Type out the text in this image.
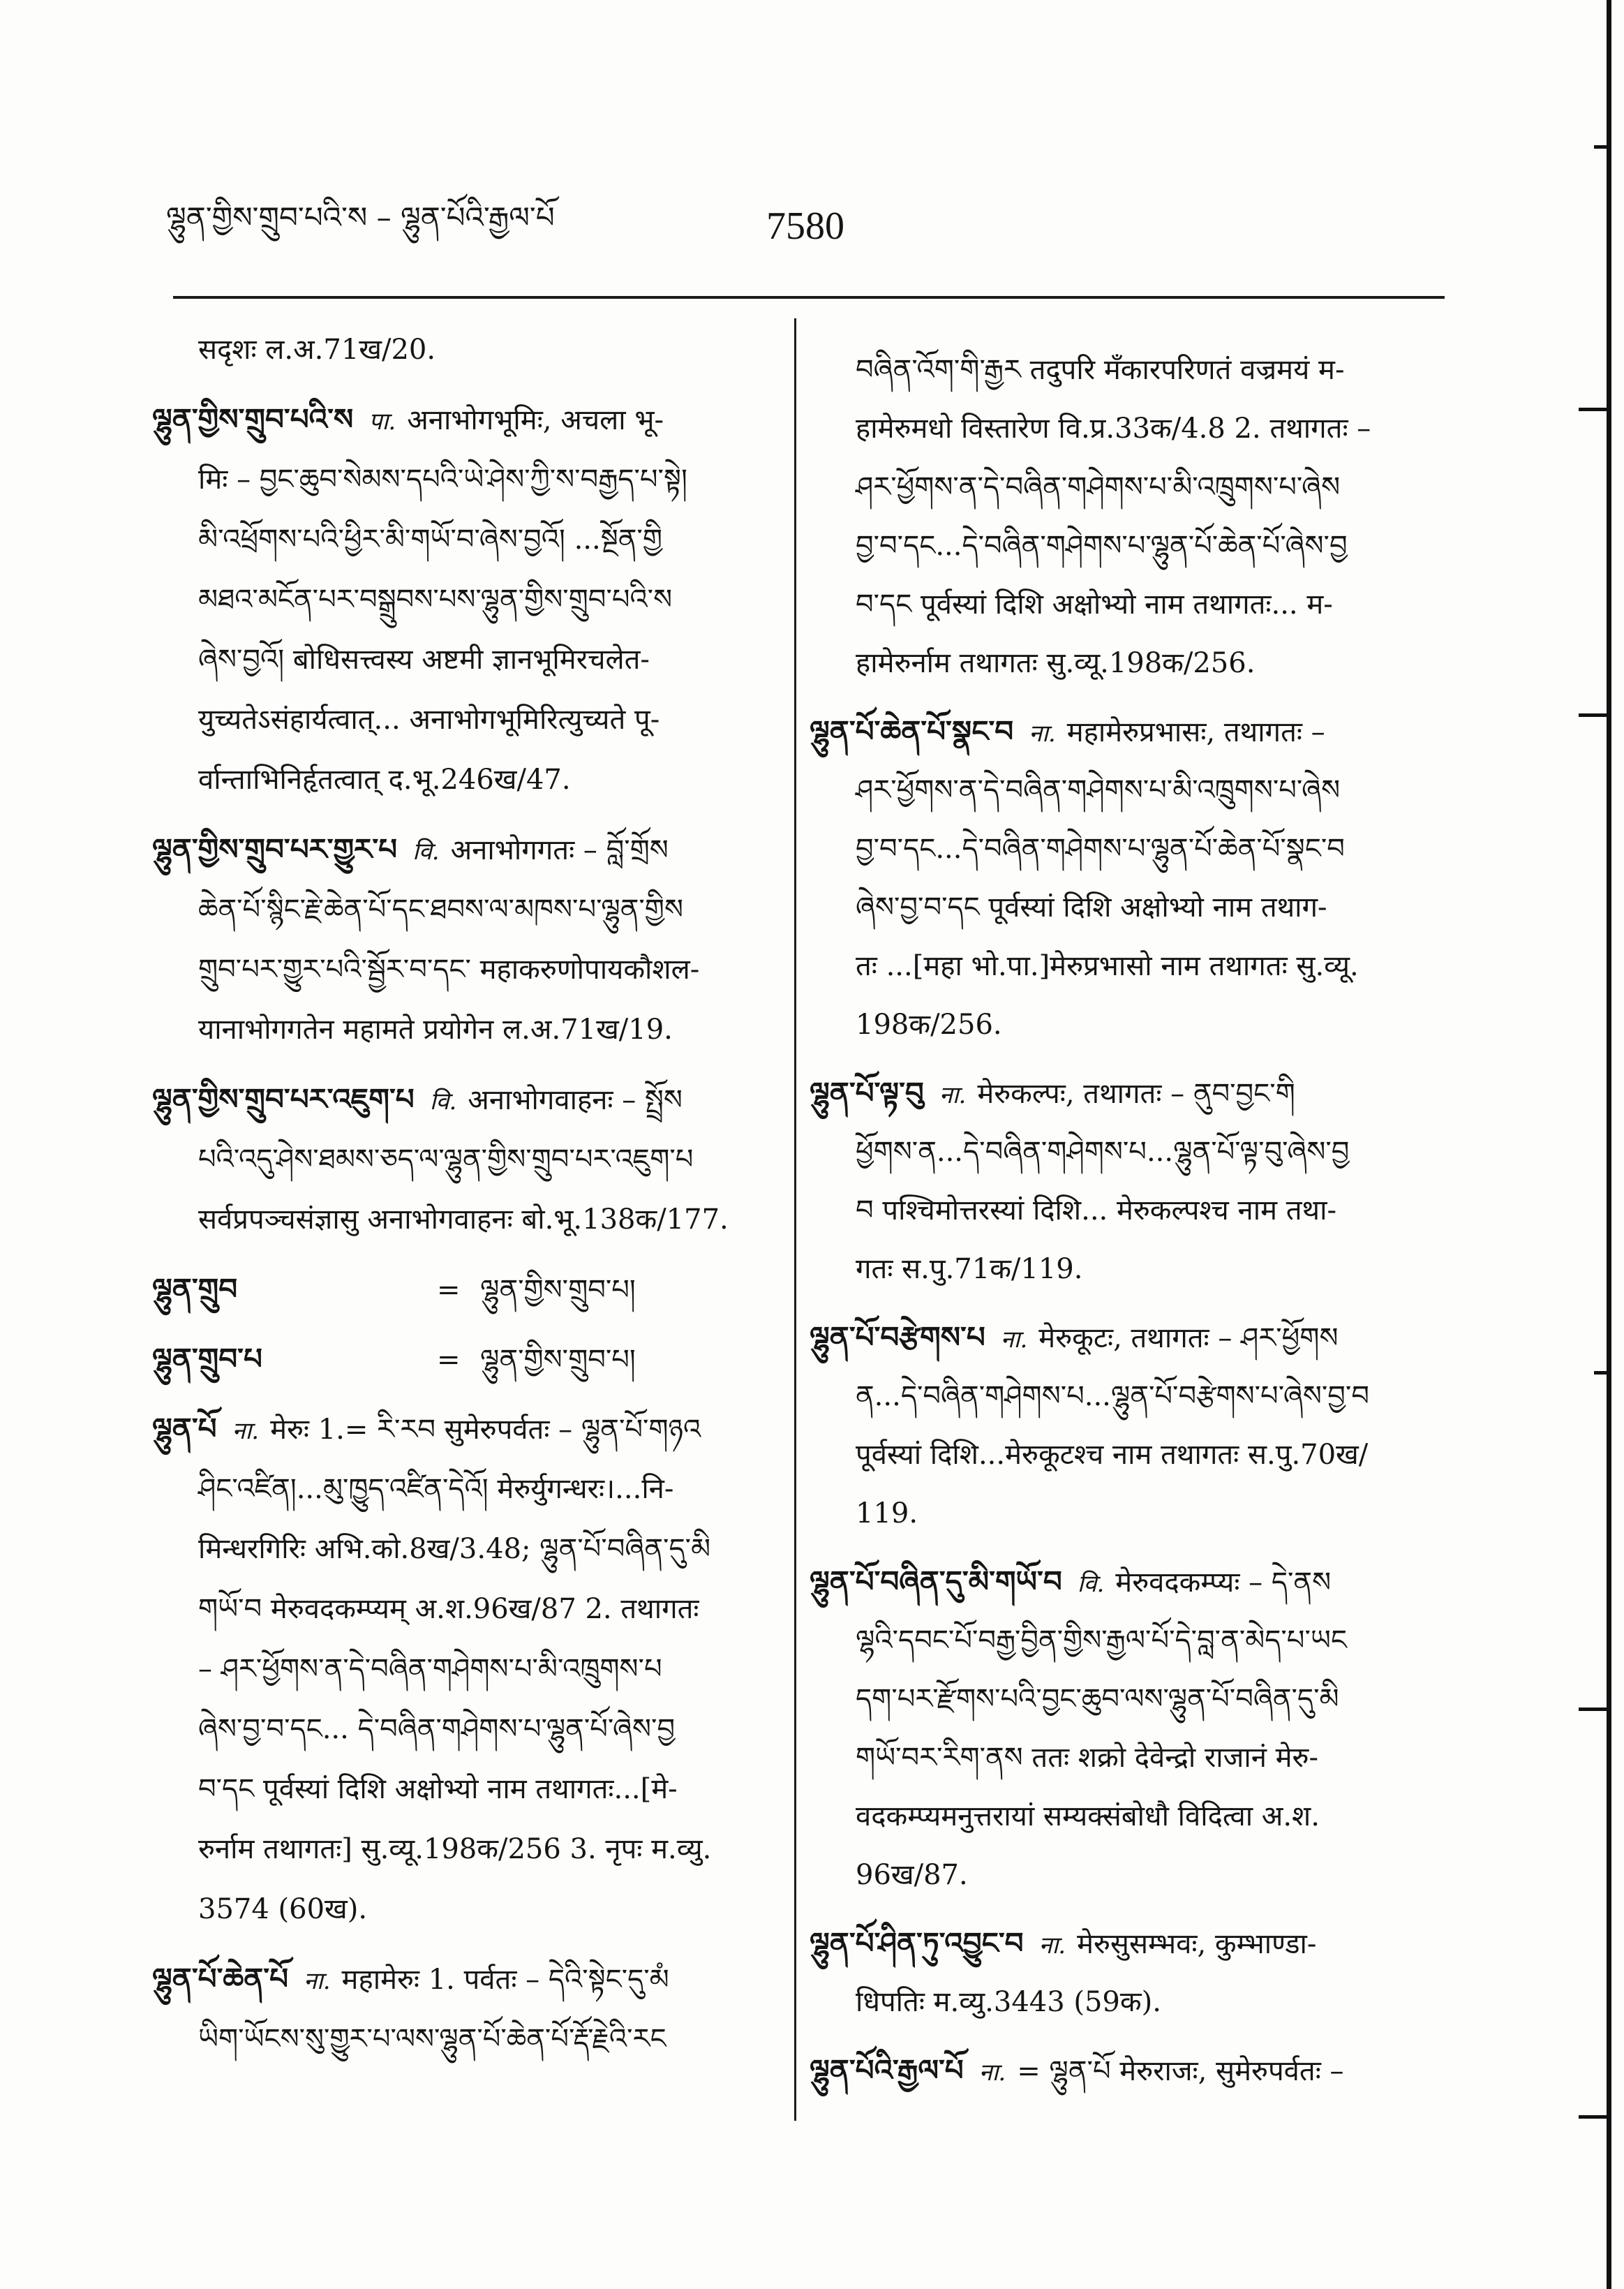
ལྷུན་གྱིས་གྲུབ་པའི་ས – ལྷུན་པོའི་རྒྱལ་པོ	7580
सदृशः ल.अ.71ख/20.
ལྷུན་གྱིས་གྲུབ་པའི་ས पा. अनाभोगभूमिः, अचला भू-
मिः – བྱང་ཆུབ་སེམས་དཔའི་ཡེ་ཤེས་ཀྱི་ས་བརྒྱད་པ་སྟེ།
མི་འཕྲོགས་པའི་ཕྱིར་མི་གཡོ་བ་ཞེས་བྱའོ། ...སྔོན་གྱི
མཐའ་མངོན་པར་བསྒྲུབས་པས་ལྷུན་གྱིས་གྲུབ་པའི་ས
ཞེས་བྱའོ། बोधिसत्त्वस्य अष्टमी ज्ञानभूमिरचलेत-
युच्यतेऽसंहार्यत्वात्... अनाभोगभूमिरित्युच्यते पू-
र्वान्ताभिनिर्हृतत्वात् द.भू.246ख/47.
ལྷུན་གྱིས་གྲུབ་པར་གྱུར་པ वि. अनाभोगगतः – བློ་གྲོས
ཆེན་པོ་སྙིང་རྗེ་ཆེན་པོ་དང་ཐབས་ལ་མཁས་པ་ལྷུན་གྱིས
གྲུབ་པར་གྱུར་པའི་སྦྱོར་བ་དང་ महाकरुणोपायकौशल-
यानाभोगगतेन महामते प्रयोगेन ल.अ.71ख/19.
ལྷུན་གྱིས་གྲུབ་པར་འཇུག་པ वि. अनाभोगवाहनः – སྤྲོས
པའི་འདུ་ཤེས་ཐམས་ཅད་ལ་ལྷུན་གྱིས་གྲུབ་པར་འཇུག་པ
सर्वप्रपञ्चसंज्ञासु अनाभोगवाहनः बो.भू.138क/177.
ལྷུན་གྲུབ	= ལྷུན་གྱིས་གྲུབ་པ།
ལྷུན་གྲུབ་པ	= ལྷུན་གྱིས་གྲུབ་པ།
ལྷུན་པོ ना. मेरुः 1.= རི་རབ सुमेरुपर्वतः – ལྷུན་པོ་གཉའ
ཤིང་འཛིན།...མུ་ཁྱུད་འཛིན་དེའོ། मेरुर्युगन्धरः।...नि-
मिन्धरगिरिः अभि.को.8ख/3.48; ལྷུན་པོ་བཞིན་དུ་མི
གཡོ་བ मेरुवदकम्प्यम् अ.श.96ख/87 2. तथागतः
– ཤར་ཕྱོགས་ན་དེ་བཞིན་གཤེགས་པ་མི་འཁྲུགས་པ
ཞེས་བྱ་བ་དང... དེ་བཞིན་གཤེགས་པ་ལྷུན་པོ་ཞེས་བྱ
བ་དང पूर्वस्यां दिशि अक्षोभ्यो नाम तथागतः...[मे-
रुर्नाम तथागतः] सु.व्यू.198क/256 3. नृपः म.व्यु.
3574 (60ख).
ལྷུན་པོ་ཆེན་པོ ना. महामेरुः 1. पर्वतः – དེའི་སྟེང་དུ་མཾ
ཡིག་ཡོངས་སུ་གྱུར་པ་ལས་ལྷུན་པོ་ཆེན་པོ་རྡོ་རྗེའི་རང
བཞིན་འོག་གི་རྒྱར तदुपरि मँकारपरिणतं वज्रमयं म-
हामेरुमधो विस्तारेण वि.प्र.33क/4.8 2. तथागतः –
ཤར་ཕྱོགས་ན་དེ་བཞིན་གཤེགས་པ་མི་འཁྲུགས་པ་ཞེས
བྱ་བ་དང...དེ་བཞིན་གཤེགས་པ་ལྷུན་པོ་ཆེན་པོ་ཞེས་བྱ
བ་དང पूर्वस्यां दिशि अक्षोभ्यो नाम तथागतः... म-
हामेरुर्नाम तथागतः सु.व्यू.198क/256.
ལྷུན་པོ་ཆེན་པོ་སྣང་བ ना. महामेरुप्रभासः, तथागतः –
ཤར་ཕྱོགས་ན་དེ་བཞིན་གཤེགས་པ་མི་འཁྲུགས་པ་ཞེས
བྱ་བ་དང...དེ་བཞིན་གཤེགས་པ་ལྷུན་པོ་ཆེན་པོ་སྣང་བ
ཞེས་བྱ་བ་དང पूर्वस्यां दिशि अक्षोभ्यो नाम तथाग-
तः ...[महा भो.पा.]मेरुप्रभासो नाम तथागतः सु.व्यू.
198क/256.
ལྷུན་པོ་ལྟ་བུ ना. मेरुकल्पः, तथागतः – ནུབ་བྱང་གི
ཕྱོགས་ན...དེ་བཞིན་གཤེགས་པ...ལྷུན་པོ་ལྟ་བུ་ཞེས་བྱ
བ पश्चिमोत्तरस्यां दिशि... मेरुकल्पश्च नाम तथा-
गतः स.पु.71क/119.
ལྷུན་པོ་བརྩེགས་པ ना. मेरुकूटः, तथागतः – ཤར་ཕྱོགས
ན...དེ་བཞིན་གཤེགས་པ...ལྷུན་པོ་བརྩེགས་པ་ཞེས་བྱ་བ
पूर्वस्यां दिशि...मेरुकूटश्च नाम तथागतः स.पु.70ख/
119.
ལྷུན་པོ་བཞིན་དུ་མི་གཡོ་བ वि. मेरुवदकम्प्यः – དེ་ནས
ལྷའི་དབང་པོ་བརྒྱ་བྱིན་གྱིས་རྒྱལ་པོ་དེ་བླ་ན་མེད་པ་ཡང
དག་པར་རྫོགས་པའི་བྱང་ཆུབ་ལས་ལྷུན་པོ་བཞིན་དུ་མི
གཡོ་བར་རིག་ནས ततः शक्रो देवेन्द्रो राजानं मेरु-
वदकम्प्यमनुत्तरायां सम्यक्संबोधौ विदित्वा अ.श.
96ख/87.
ལྷུན་པོ་ཤིན་ཏུ་འབྱུང་བ ना. मेरुसुसम्भवः, कुम्भाण्डा-
धिपतिः म.व्यु.3443 (59क).
ལྷུན་པོའི་རྒྱལ་པོ ना. = ལྷུན་པོ मेरुराजः, सुमेरुपर्वतः –
